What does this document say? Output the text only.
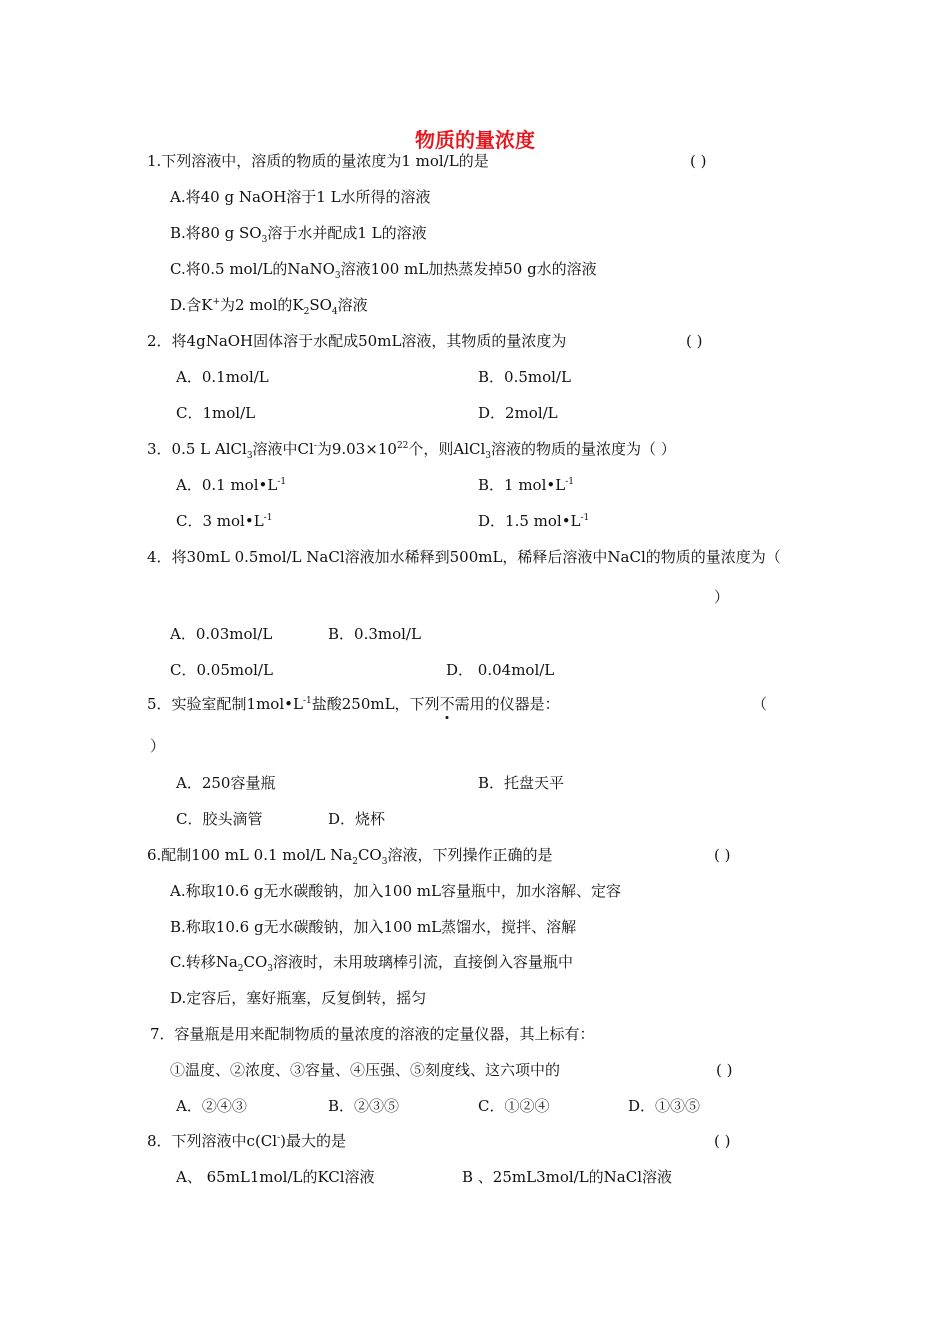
物质的量浓度
1.下列溶液中，溶质的物质的量浓度为1 mol/L的是	( )
A.将40 g NaOH溶于1 L水所得的溶液
B.将80 g $SO_3$溶于水并配成1 L的溶液
C.将0.5 mol/L的NaNO$_3$溶液100 mL加热蒸发掉50 g水的溶液
D.含K+为2 mol的$K_2SO_4$溶液
2．将4gNaOH固体溶于水配成50mL溶液，其物质的量浓度为	( )
A．0.1mol/L	B．0.5mol/L
C．1mol/L	D．2mol/L
3．0.5 L AlCl$_3$溶液中Cl-为$9.03\times 10^{22}$个，则AlCl$_3$溶液的物质的量浓度为（ ）
A．0.1 $mol•L^{-1}$	B．1 $mol•L^{-1}$
C．3 $mol•L^{-1}$	D．1.5 $mol•L^{-1}$
4．将30mL 0.5mol/L NaCl溶液加水稀释到500mL，稀释后溶液中NaCl的物质的量浓度为（
）
A．0.03mol/L	B．0.3mol/L
C．0.05mol/L	D． 0.04mol/L
5．实验室配制$1mol•L^{-1}$盐酸250mL，下列不需用的仪器是：	（
）
A．250容量瓶	B．托盘天平
C．胶头滴管	D．烧杯
6.配制100 mL 0.1 mol/L $Na_2CO_3$溶液，下列操作正确的是	( )
A.称取10.6 g无水碳酸钠，加入100 mL容量瓶中，加水溶解、定容
B.称取10.6 g无水碳酸钠，加入100 mL蒸馏水，搅拌、溶解
C.转移$Na_2CO_3$溶液时，未用玻璃棒引流，直接倒入容量瓶中
D.定容后，塞好瓶塞，反复倒转，摇匀
7．容量瓶是用来配制物质的量浓度的溶液的定量仪器，其上标有：
①温度、②浓度、③容量、④压强、⑤刻度线、这六项中的	( )
A．②④③	B．②③⑤	C．①②④	D．①③⑤
8．下列溶液中c(Cl-)最大的是	( )
A、 65mL1mol/L的KCl溶液	B 、25mL3mol/L的NaCl溶液
